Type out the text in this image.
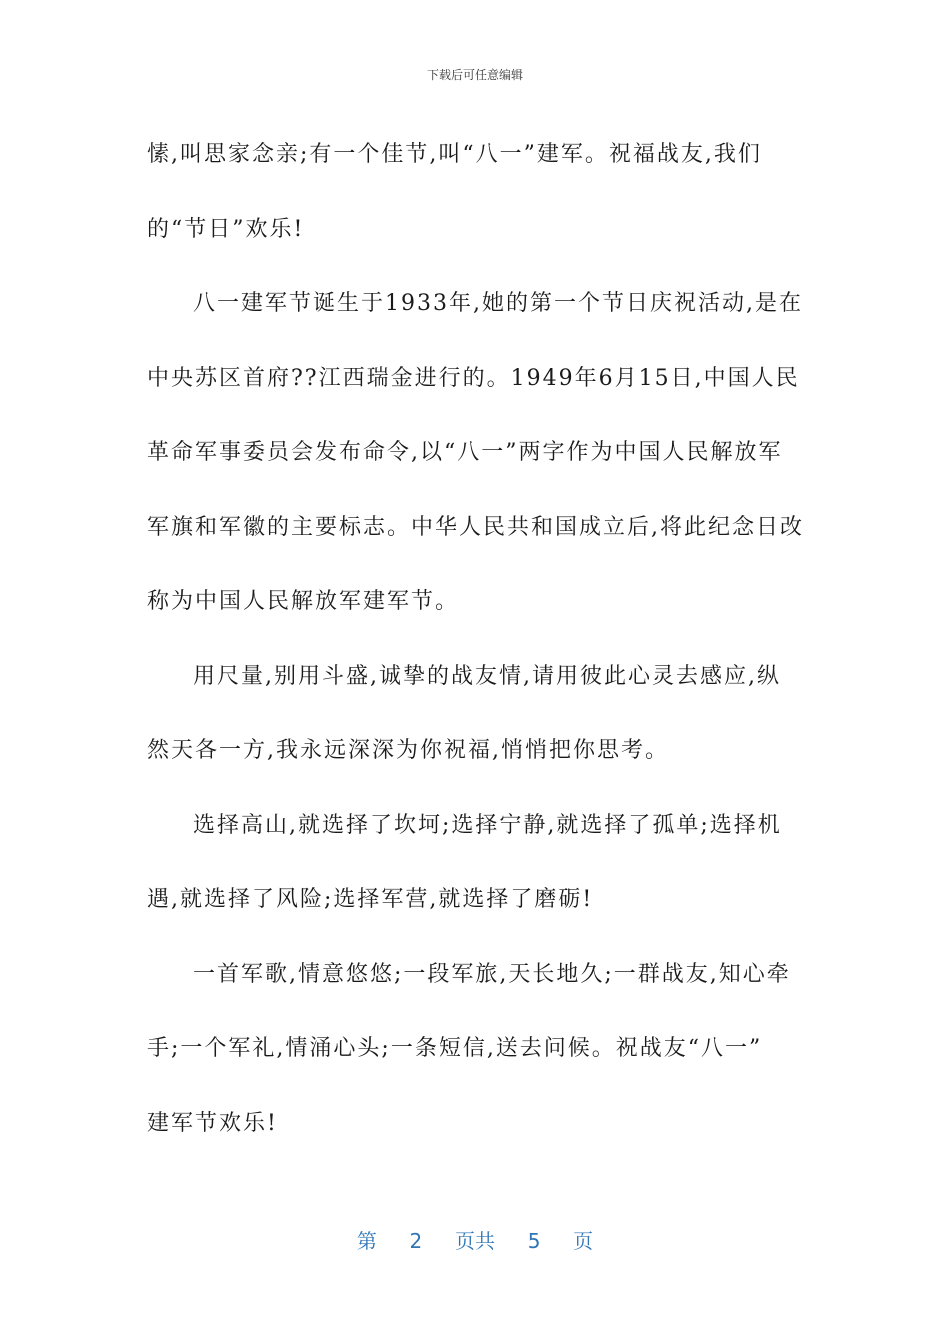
下载后可任意编辑

愫,叫思家念亲;有一个佳节,叫“八一”建军。祝福战友,我们
的“节日”欢乐!

八一建军节诞生于1933年,她的第一个节日庆祝活动,是在
中央苏区首府??江西瑞金进行的。1949年6月15日,中国人民
革命军事委员会发布命令,以“八一”两字作为中国人民解放军
军旗和军徽的主要标志。中华人民共和国成立后,将此纪念日改
称为中国人民解放军建军节。

用尺量,别用斗盛,诚挚的战友情,请用彼此心灵去感应,纵
然天各一方,我永远深深为你祝福,悄悄把你思考。

选择高山,就选择了坎坷;选择宁静,就选择了孤单;选择机
遇,就选择了风险;选择军营,就选择了磨砺!

一首军歌,情意悠悠;一段军旅,天长地久;一群战友,知心牵
手;一个军礼,情涌心头;一条短信,送去问候。祝战友“八一”
建军节欢乐!

第 2 页共 5 页
